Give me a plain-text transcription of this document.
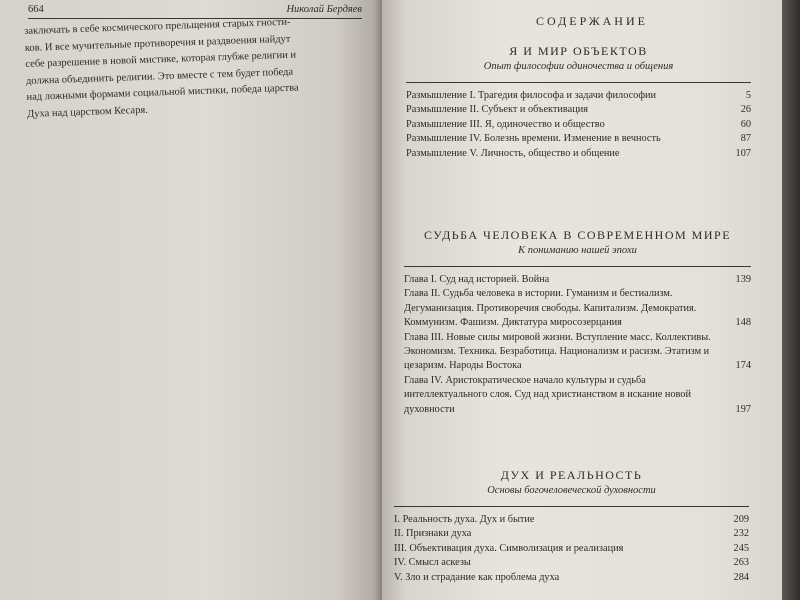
664	Николай Бердяев

заключать в себе космического прельщения старых гности-

ков. И все мучительные противоречия и раздвоения найдут

себе разрешение в новой мистике, которая глубже религии и

должна объединить религии. Это вместе с тем будет победа

над ложными формами социальной мистики, победа царства

Духа над царством Кесаря.

СОДЕРЖАНИЕ
Я И МИР ОБЪЕКТОВ
Опыт философии одиночества и общения
Размышление I. Трагедия философа и задачи философии	5
Размышление II. Субъект и объективация	26
Размышление III. Я, одиночество и общество	60
Размышление IV. Болезнь времени. Изменение в вечность	87
Размышление V. Личность, общество и общение	107
СУДЬБА ЧЕЛОВЕКА В СОВРЕМЕННОМ МИРЕ
К пониманию нашей эпохи
Глава I. Суд над историей. Война	139
Глава II. Судьба человека в истории. Гуманизм и бестиализм. Дегуманизация. Противоречия свободы. Капитализм. Демократия. Коммунизм. Фашизм. Диктатура миросозерцания	148
Глава III. Новые силы мировой жизни. Вступление масс. Коллективы. Экономизм. Техника. Безработица. Национализм и расизм. Этатизм и цезаризм. Народы Востока	174
Глава IV. Аристократическое начало культуры и судьба интеллектуального слоя. Суд над христианством в искание новой духовности	197
ДУХ И РЕАЛЬНОСТЬ
Основы богочеловеческой духовности
I. Реальность духа. Дух и бытие	209
II. Признаки духа	232
III. Объективация духа. Символизация и реализация	245
IV. Смысл аскезы	263
V. Зло и страдание как проблема духа	284
